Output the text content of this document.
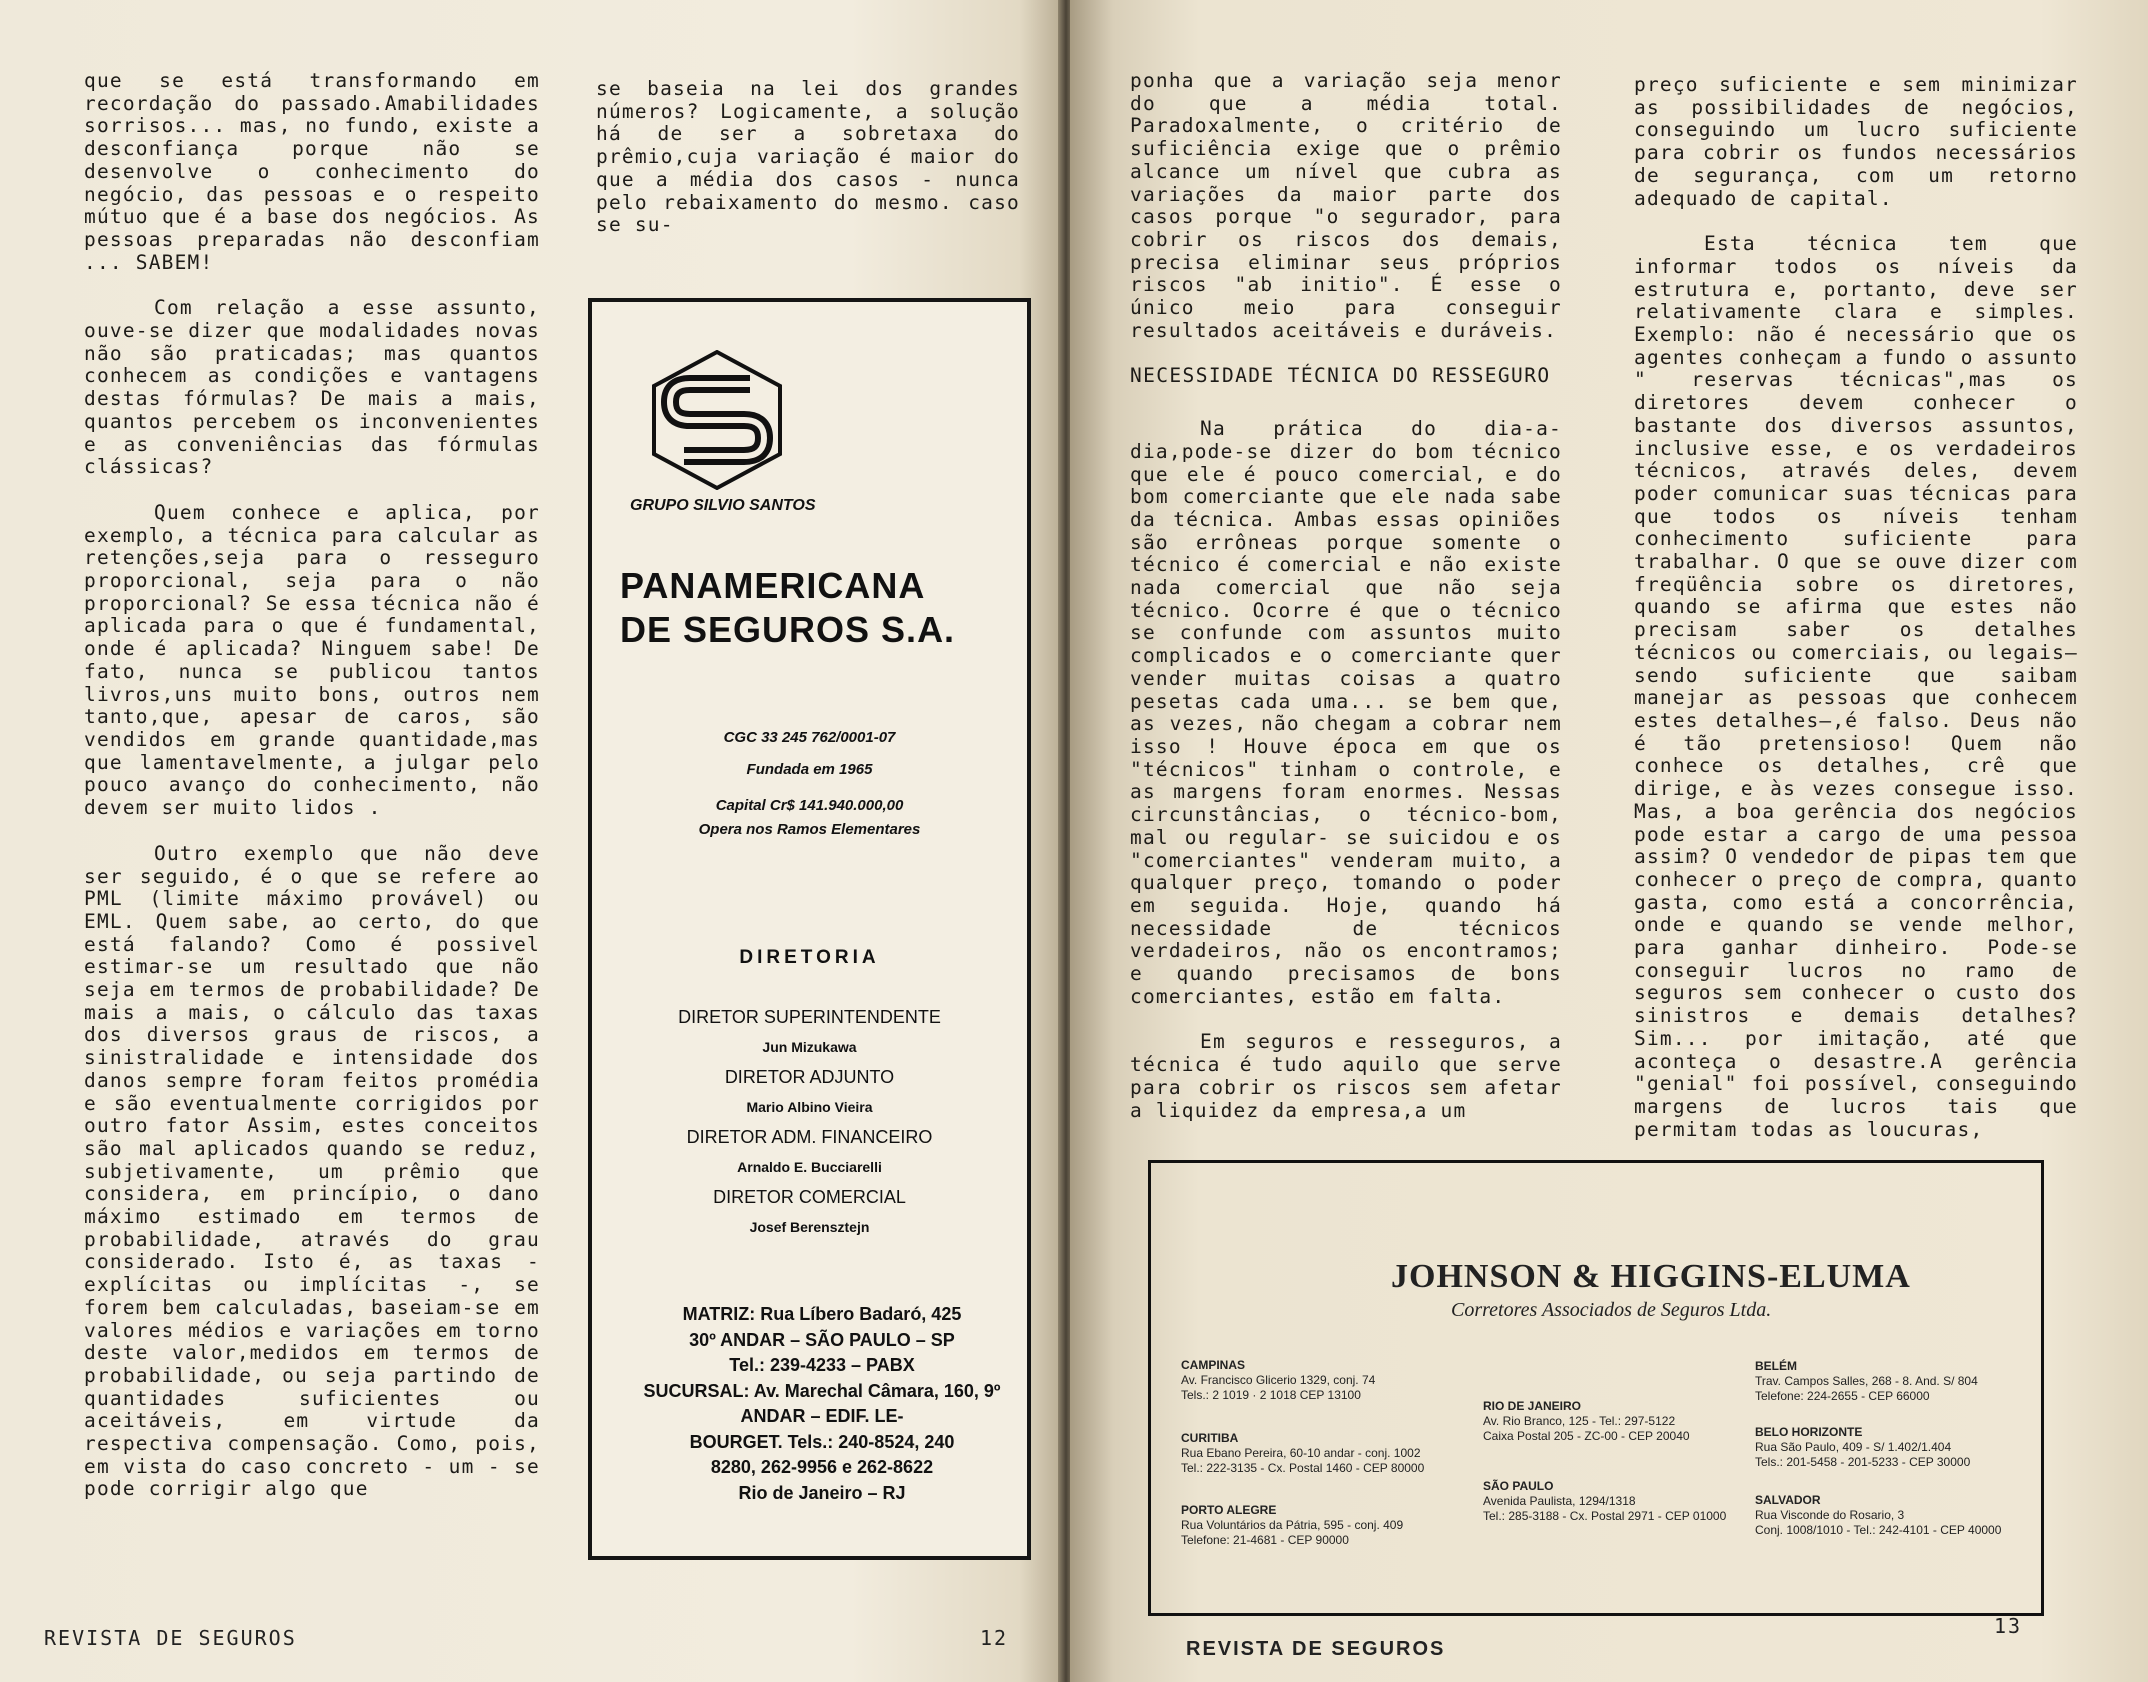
que se está transformando em recordação do passado.Amabilidades sorrisos... mas, no fundo, existe a desconfiança porque não se desenvolve o conhecimento do negócio, das pessoas e o respeito mútuo que é a base dos negócios. As pessoas preparadas não desconfiam ... SABEM!

Com relação a esse assunto, ouve-se dizer que modalidades novas não são praticadas; mas quantos conhecem as condições e vantagens destas fórmulas? De mais a mais, quantos percebem os inconvenientes e as conveniências das fórmulas clássicas?

Quem conhece e aplica, por exemplo, a técnica para calcular as retenções,seja para o resseguro proporcional, seja para o não proporcional? Se essa técnica não é aplicada para o que é fundamental, onde é aplicada? Ninguem sabe! De fato, nunca se publicou tantos livros,uns muito bons, outros nem tanto,que, apesar de caros, são vendidos em grande quantidade,mas que lamentavelmente, a julgar pelo pouco avanço do conhecimento, não devem ser muito lidos .

Outro exemplo que não deve ser seguido, é o que se refere ao PML (limite máximo provável) ou EML. Quem sabe, ao certo, do que está falando? Como é possivel estimar-se um resultado que não seja em termos de probabilidade? De mais a mais, o cálculo das taxas dos diversos graus de riscos, a sinistralidade e intensidade dos danos sempre foram feitos promédia e são eventualmente corrigidos por outro fator Assim, estes conceitos são mal aplicados quando se reduz, subjetivamente, um prêmio que considera, em princípio, o dano máximo estimado em termos de probabilidade, através do grau considerado. Isto é, as taxas - explícitas ou implícitas -, se forem bem calculadas, baseiam-se em valores médios e variações em torno deste valor,medidos em termos de probabilidade, ou seja partindo de quantidades suficientes ou aceitáveis, em virtude da respectiva compensação. Como, pois, em vista do caso concreto - um - se pode corrigir algo que

se baseia na lei dos grandes números? Logicamente, a solução há de ser a sobretaxa do prêmio,cuja variação é maior do que a média dos casos - nunca pelo rebaixamento do mesmo. caso se su-

GRUPO SILVIO SANTOS
PANAMERICANA
DE SEGUROS S.A.
CGC 33 245 762/0001-07
Fundada em 1965
Capital Cr$ 141.940.000,00
Opera nos Ramos Elementares
DIRETORIA
DIRETOR SUPERINTENDENTE
Jun Mizukawa
DIRETOR ADJUNTO
Mario Albino Vieira
DIRETOR ADM. FINANCEIRO
Arnaldo E. Bucciarelli
DIRETOR COMERCIAL
Josef Berensztejn
MATRIZ: Rua Líbero Badaró, 425
30º ANDAR – SÃO PAULO – SP
Tel.: 239-4233 – PABX
SUCURSAL: Av. Marechal Câmara, 160, 9º ANDAR – EDIF. LE-
BOURGET. Tels.: 240-8524, 240
8280, 262-9956 e 262-8622
Rio de Janeiro – RJ
REVISTA DE SEGUROS	12

ponha que a variação seja menor do que a média total. Paradoxalmente, o critério de suficiência exige que o prêmio alcance um nível que cubra as variações da maior parte dos casos porque "o segurador, para cobrir os riscos dos demais, precisa eliminar seus próprios riscos "ab initio". É esse o único meio para conseguir resultados aceitáveis e duráveis.

NECESSIDADE TÉCNICA DO RESSEGURO

Na prática do dia-a-dia,pode-se dizer do bom técnico que ele é pouco comercial, e do bom comerciante que ele nada sabe da técnica. Ambas essas opiniões são errôneas porque somente o técnico é comercial e não existe nada comercial que não seja técnico. Ocorre é que o técnico se confunde com assuntos muito complicados e o comerciante quer vender muitas coisas a quatro pesetas cada uma... se bem que, as vezes, não chegam a cobrar nem isso ! Houve época em que os "técnicos" tinham o controle, e as margens foram enormes. Nessas circunstâncias, o técnico-bom, mal ou regular- se suicidou e os "comerciantes" venderam muito, a qualquer preço, tomando o poder em seguida. Hoje, quando há necessidade de técnicos verdadeiros, não os encontramos; e quando precisamos de bons comerciantes, estão em falta.

Em seguros e resseguros, a técnica é tudo aquilo que serve para cobrir os riscos sem afetar a liquidez da empresa,a um

preço suficiente e sem minimizar as possibilidades de negócios, conseguindo um lucro suficiente para cobrir os fundos necessários de segurança, com um retorno adequado de capital.

Esta técnica tem que informar todos os níveis da estrutura e, portanto, deve ser relativamente clara e simples. Exemplo: não é necessário que os agentes conheçam a fundo o assunto " reservas técnicas",mas os diretores devem conhecer o bastante dos diversos assuntos, inclusive esse, e os verdadeiros técnicos, através deles, devem poder comunicar suas técnicas para que todos os níveis tenham conhecimento suficiente para trabalhar. O que se ouve dizer com freqüência sobre os diretores, quando se afirma que estes não precisam saber os detalhes técnicos ou comerciais, ou legais—sendo suficiente que saibam manejar as pessoas que conhecem estes detalhes—,é falso. Deus não é tão pretensioso! Quem não conhece os detalhes, crê que dirige, e às vezes consegue isso. Mas, a boa gerência dos negócios pode estar a cargo de uma pessoa assim? O vendedor de pipas tem que conhecer o preço de compra, quanto gasta, como está a concorrência, onde e quando se vende melhor, para ganhar dinheiro. Pode-se conseguir lucros no ramo de seguros sem conhecer o custo dos sinistros e demais detalhes? Sim... por imitação, até que aconteça o desastre.A gerência "genial" foi possível, conseguindo margens de lucros tais que permitam todas as loucuras,

REVISTA DE SEGUROS
13
JOHNSON & HIGGINS-ELUMA
Corretores Associados de Seguros Ltda.
CAMPINAS
Av. Francisco Glicerio 1329, conj. 74
Tels.: 2 1019 · 2 1018 CEP 13100
CURITIBA
Rua Ebano Pereira, 60-10 andar - conj. 1002
Tel.: 222-3135 - Cx. Postal 1460 - CEP 80000
PORTO ALEGRE
Rua Voluntários da Pátria, 595 - conj. 409
Telefone: 21-4681 - CEP 90000
RIO DE JANEIRO
Av. Rio Branco, 125 - Tel.: 297-5122
Caixa Postal 205 - ZC-00 - CEP 20040
SÃO PAULO
Avenida Paulista, 1294/1318
Tel.: 285-3188 - Cx. Postal 2971 - CEP 01000
BELÉM
Trav. Campos Salles, 268 - 8. And. S/ 804
Telefone: 224-2655 - CEP 66000
BELO HORIZONTE
Rua São Paulo, 409 - S/ 1.402/1.404
Tels.: 201-5458 - 201-5233 - CEP 30000
SALVADOR
Rua Visconde do Rosario, 3
Conj. 1008/1010 - Tel.: 242-4101 - CEP 40000
